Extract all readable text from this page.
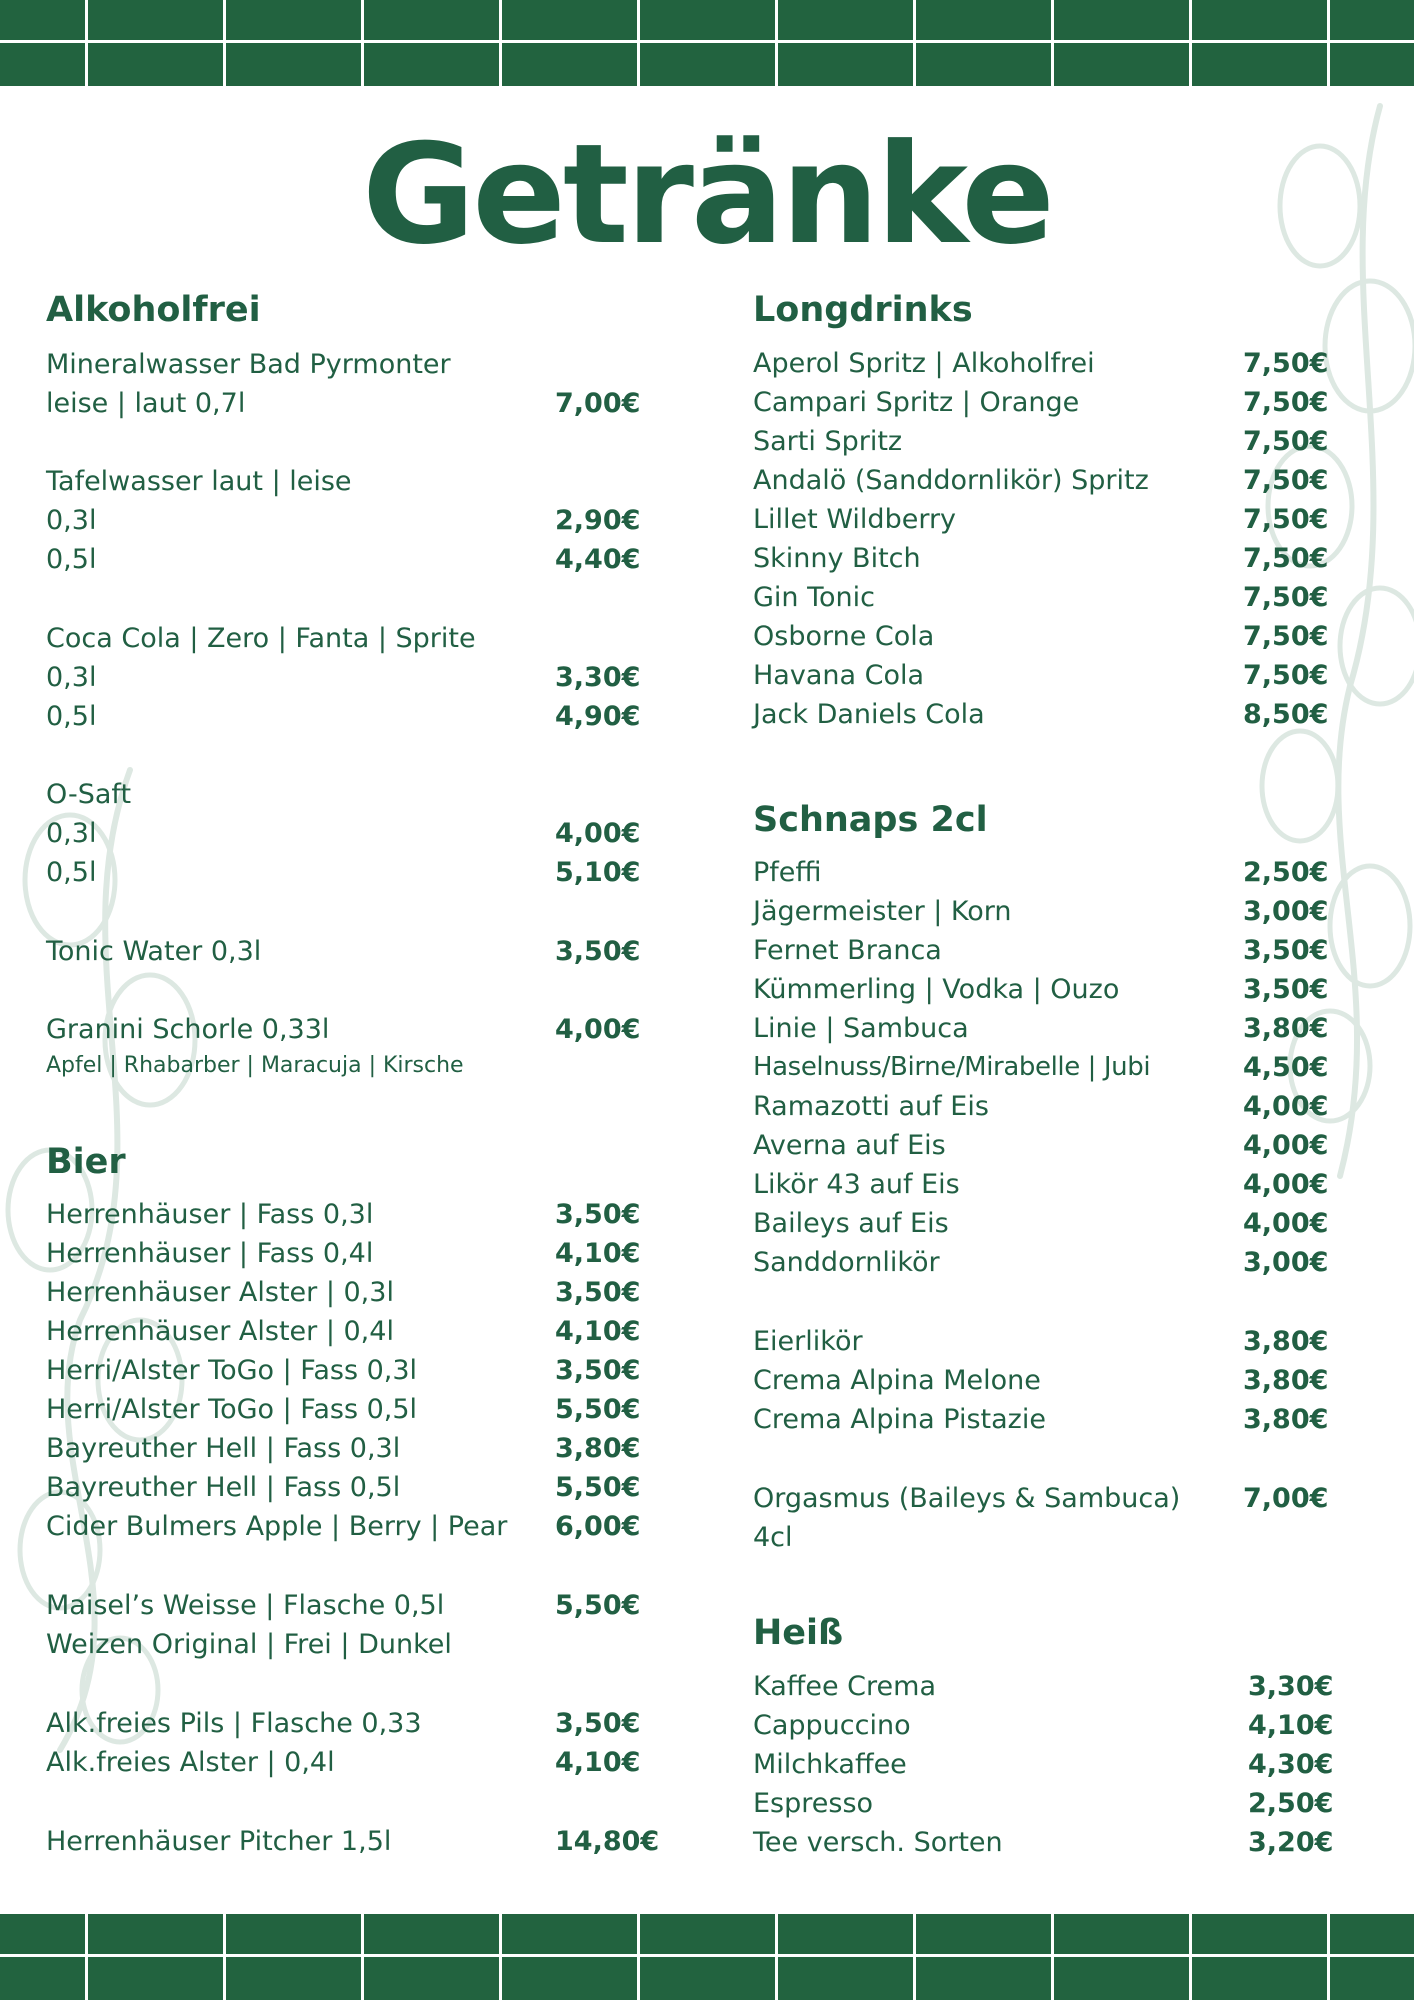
Getränke
Alkoholfrei
Mineralwasser Bad Pyrmonter
leise | laut 0,7l	7,00€
Tafelwasser laut | leise
0,3l	2,90€
0,5l	4,40€
Coca Cola | Zero | Fanta | Sprite
0,3l	3,30€
0,5l	4,90€
O-Saft
0,3l	4,00€
0,5l	5,10€
Tonic Water 0,3l	3,50€
Granini Schorle 0,33l	4,00€
Apfel | Rhabarber | Maracuja | Kirsche
Bier
Herrenhäuser | Fass 0,3l	3,50€
Herrenhäuser | Fass 0,4l	4,10€
Herrenhäuser Alster | 0,3l	3,50€
Herrenhäuser Alster | 0,4l	4,10€
Herri/Alster ToGo | Fass 0,3l	3,50€
Herri/Alster ToGo | Fass 0,5l	5,50€
Bayreuther Hell | Fass 0,3l	3,80€
Bayreuther Hell | Fass 0,5l	5,50€
Cider Bulmers Apple | Berry | Pear 6,00€
Maisel’s Weisse | Flasche 0,5l	5,50€
Weizen Original | Frei | Dunkel
Alk.freies Pils | Flasche 0,33	3,50€
Alk.freies Alster | 0,4l	4,10€
Herrenhäuser Pitcher 1,5l	14,80€
Longdrinks
Aperol Spritz | Alkoholfrei	7,50€
Campari Spritz | Orange	7,50€
Sarti Spritz	7,50€
Andalö (Sanddornlikör) Spritz	7,50€
Lillet Wildberry	7,50€
Skinny Bitch	7,50€
Gin Tonic	7,50€
Osborne Cola	7,50€
Havana Cola	7,50€
Jack Daniels Cola	8,50€
Schnaps 2cl
Pfeffi	2,50€
Jägermeister | Korn	3,00€
Fernet Branca	3,50€
Kümmerling | Vodka | Ouzo	3,50€
Linie | Sambuca	3,80€
Haselnuss/Birne/Mirabelle | Jubi	4,50€
Ramazotti auf Eis	4,00€
Averna auf Eis	4,00€
Likör 43 auf Eis	4,00€
Baileys auf Eis	4,00€
Sanddornlikör	3,00€
Eierlikör	3,80€
Crema Alpina Melone	3,80€
Crema Alpina Pistazie	3,80€
Orgasmus (Baileys & Sambuca) 7,00€
4cl
Heiß
Kaffee Crema	3,30€
Cappuccino	4,10€
Milchkaffee	4,30€
Espresso	2,50€
Tee versch. Sorten	3,20€
